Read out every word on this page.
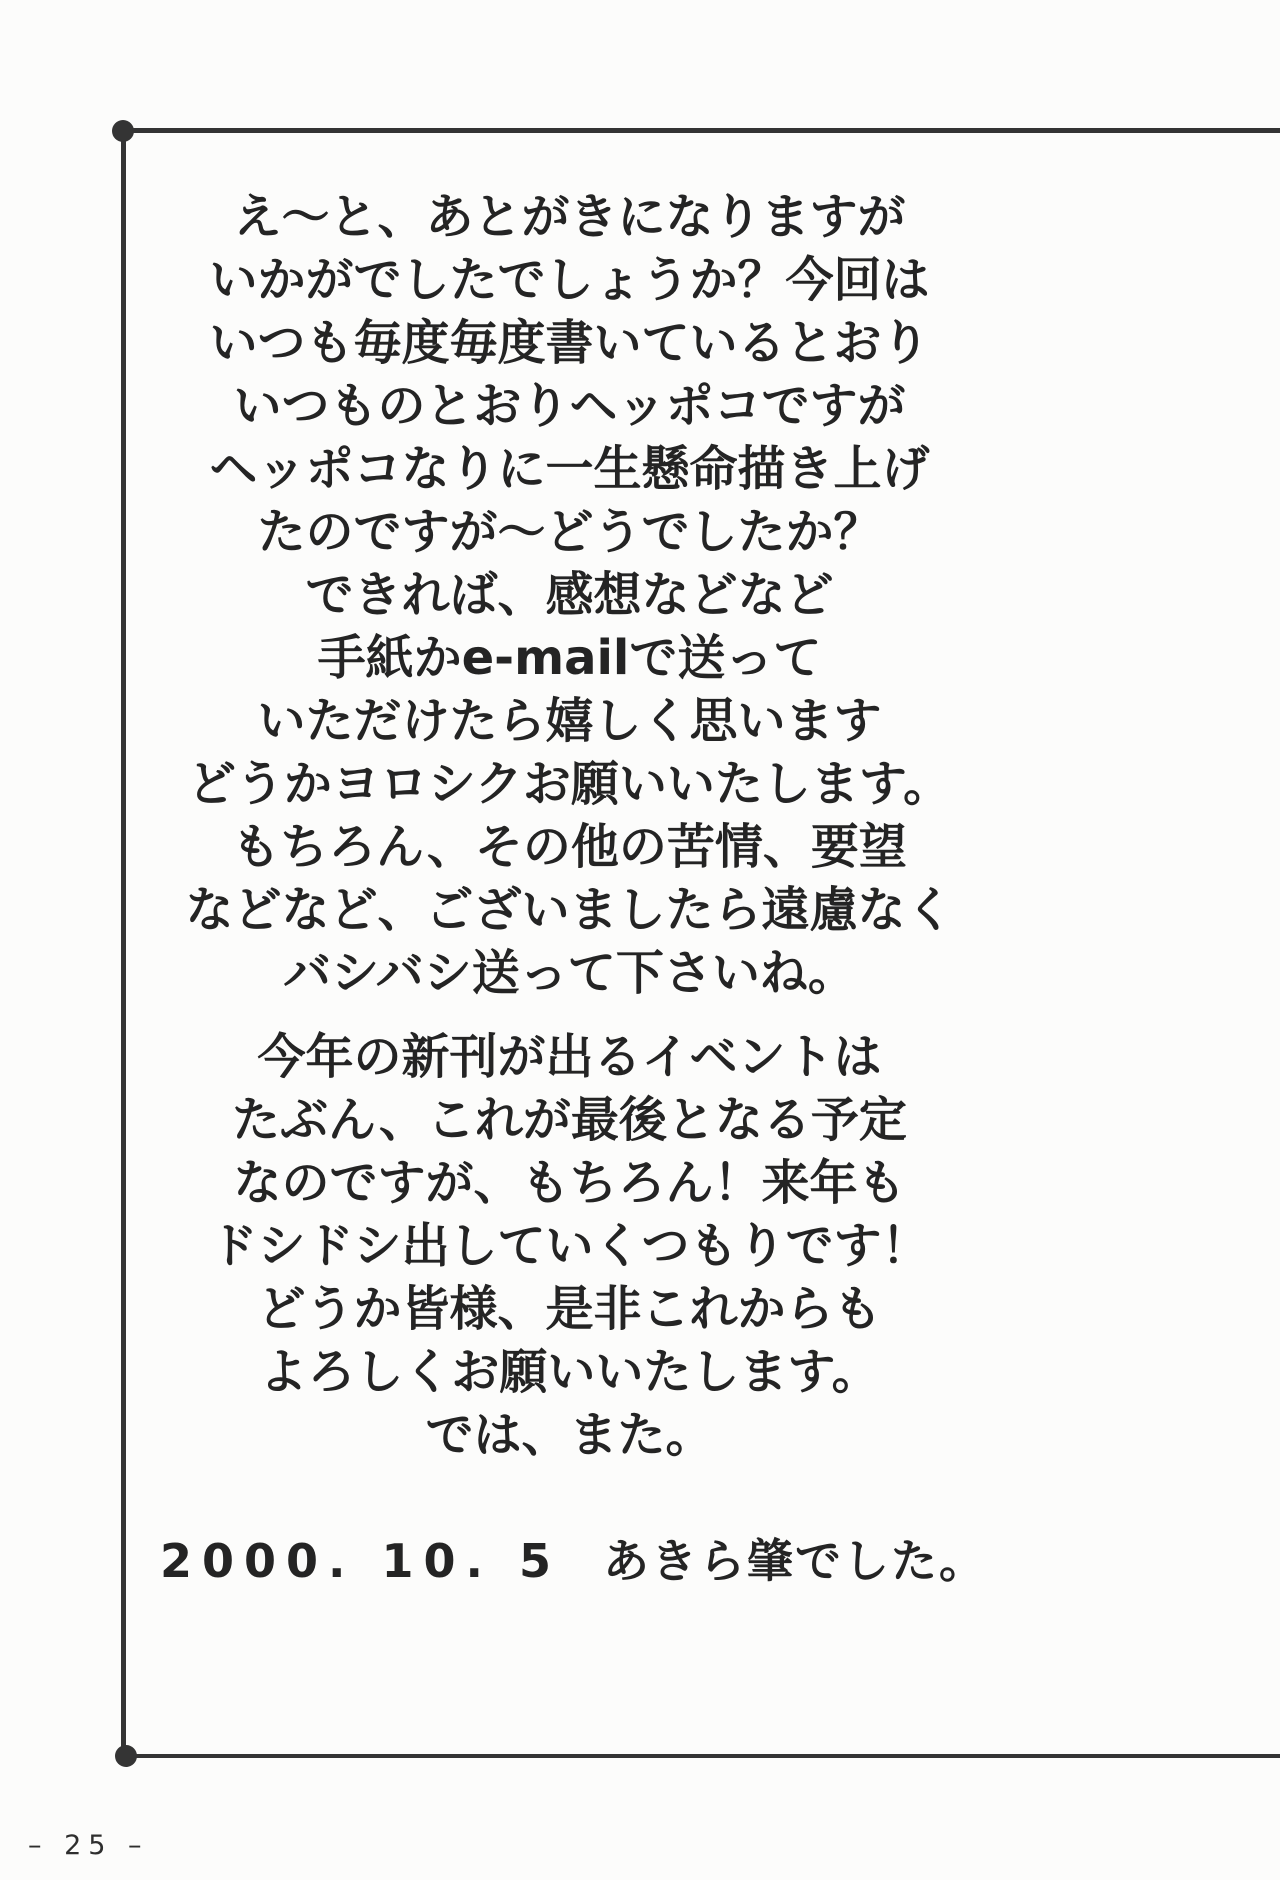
え〜と、あとがきになりますが
いかがでしたでしょうか？今回は
いつも毎度毎度書いているとおり
いつものとおりヘッポコですが
ヘッポコなりに一生懸命描き上げ
たのですが〜どうでしたか？
できれば、感想などなど
手紙かe-mailで送って
いただけたら嬉しく思います
どうかヨロシクお願いいたします。
もちろん、その他の苦情、要望
などなど、ございましたら遠慮なく
バシバシ送って下さいね。
今年の新刊が出るイベントは
たぶん、これが最後となる予定
なのですが、もちろん！来年も
ドシドシ出していくつもりです！
どうか皆様、是非これからも
よろしくお願いいたします。
では、また。
2000. 10. 5 あきら肇でした。
– 25 –
